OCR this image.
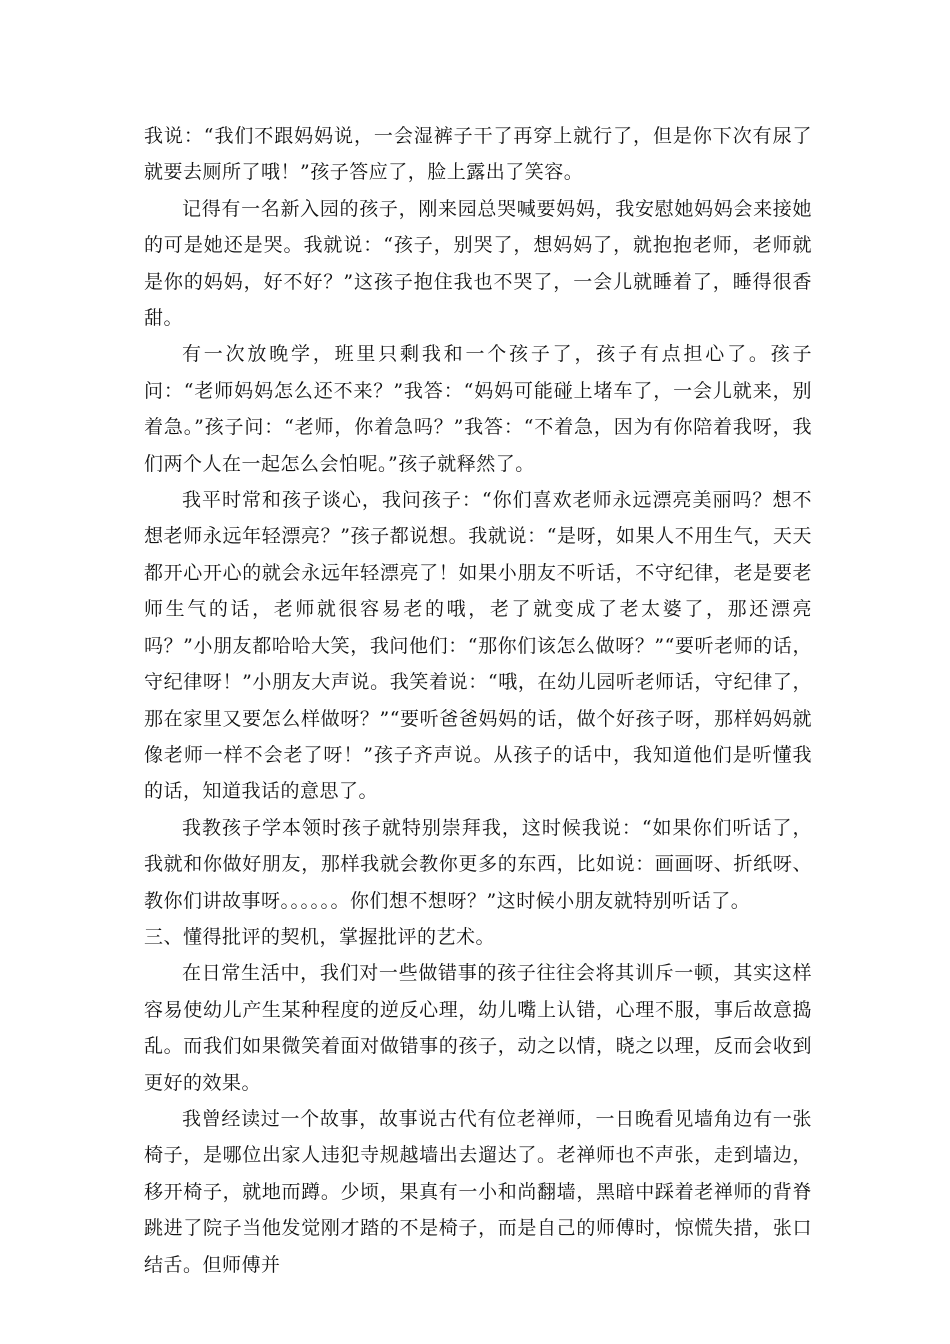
我说：“我们不跟妈妈说，一会湿裤子干了再穿上就行了，但是你下次有尿了就要去厕所了哦！”孩子答应了，脸上露出了笑容。

记得有一名新入园的孩子，刚来园总哭喊要妈妈，我安慰她妈妈会来接她的可是她还是哭。我就说：“孩子，别哭了，想妈妈了，就抱抱老师，老师就是你的妈妈，好不好？”这孩子抱住我也不哭了，一会儿就睡着了，睡得很香甜。

有一次放晚学，班里只剩我和一个孩子了，孩子有点担心了。孩子问：“老师妈妈怎么还不来？”我答：“妈妈可能碰上堵车了，一会儿就来，别着急。”孩子问：“老师，你着急吗？”我答：“不着急，因为有你陪着我呀，我们两个人在一起怎么会怕呢。”孩子就释然了。

我平时常和孩子谈心，我问孩子：“你们喜欢老师永远漂亮美丽吗？想不想老师永远年轻漂亮？”孩子都说想。我就说：“是呀，如果人不用生气，天天都开心开心的就会永远年轻漂亮了！如果小朋友不听话，不守纪律，老是要老师生气的话，老师就很容易老的哦，老了就变成了老太婆了，那还漂亮吗？”小朋友都哈哈大笑，我问他们：“那你们该怎么做呀？”“要听老师的话，守纪律呀！”小朋友大声说。我笑着说：“哦，在幼儿园听老师话，守纪律了，那在家里又要怎么样做呀？”“要听爸爸妈妈的话，做个好孩子呀，那样妈妈就像老师一样不会老了呀！”孩子齐声说。从孩子的话中，我知道他们是听懂我的话，知道我话的意思了。

我教孩子学本领时孩子就特别崇拜我，这时候我说：“如果你们听话了，我就和你做好朋友，那样我就会教你更多的东西，比如说：画画呀、折纸呀、教你们讲故事呀。。。。。。你们想不想呀？”这时候小朋友就特别听话了。

三、懂得批评的契机，掌握批评的艺术。

在日常生活中，我们对一些做错事的孩子往往会将其训斥一顿，其实这样容易使幼儿产生某种程度的逆反心理，幼儿嘴上认错，心理不服，事后故意捣乱。而我们如果微笑着面对做错事的孩子，动之以情，晓之以理，反而会收到更好的效果。

我曾经读过一个故事，故事说古代有位老禅师，一日晚看见墙角边有一张椅子，是哪位出家人违犯寺规越墙出去遛达了。老禅师也不声张，走到墙边，移开椅子，就地而蹲。少顷，果真有一小和尚翻墙，黑暗中踩着老禅师的背脊跳进了院子当他发觉刚才踏的不是椅子，而是自己的师傅时，惊慌失措，张口结舌。但师傅并
